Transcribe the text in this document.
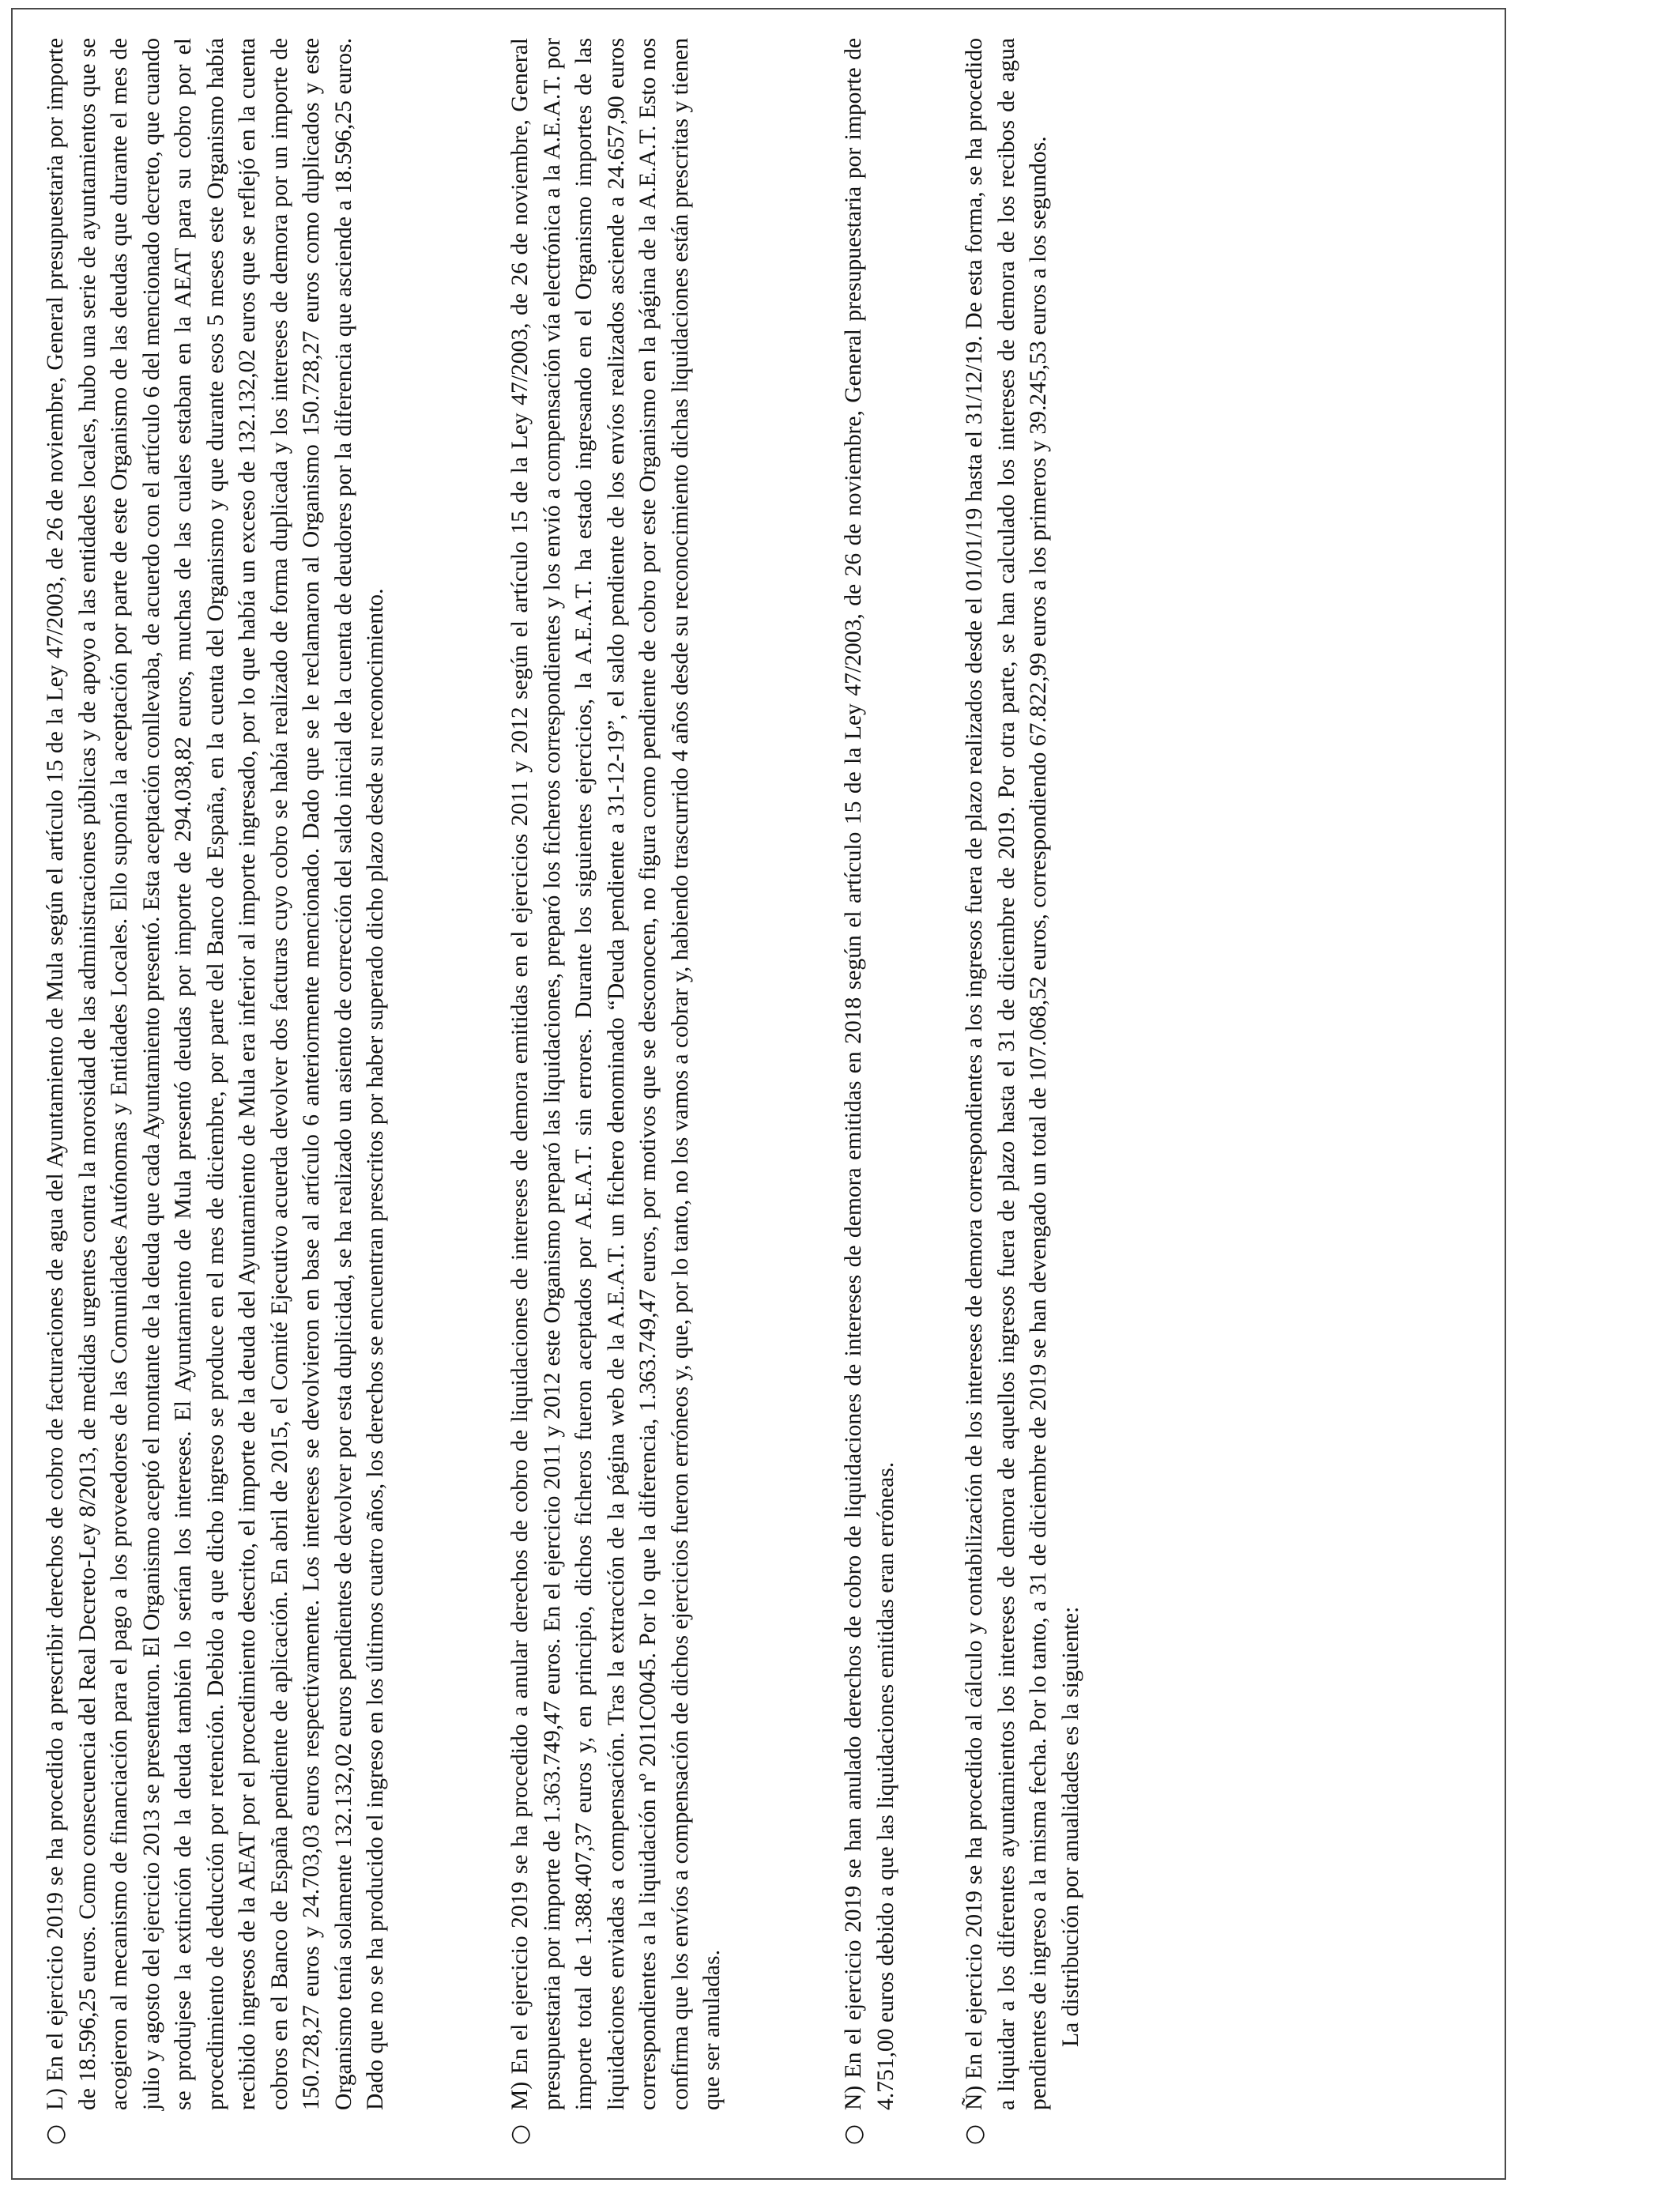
○
L) En el ejercicio 2019 se ha procedido a prescribir derechos de cobro de facturaciones de agua del Ayuntamiento de Mula según el artículo 15 de la Ley 47/2003, de 26 de noviembre, General presupuestaria por importe de 18.596,25 euros. Como consecuencia del Real Decreto-Ley 8/2013, de medidas urgentes contra la morosidad de las administraciones públicas y de apoyo a las entidades locales, hubo una serie de ayuntamientos que se acogieron al mecanismo de financiación para el pago a los proveedores de las Comunidades Autónomas y Entidades Locales. Ello suponía la aceptación por parte de este Organismo de las deudas que durante el mes de julio y agosto del ejercicio 2013 se presentaron. El Organismo aceptó el montante de la deuda que cada Ayuntamiento presentó. Esta aceptación conllevaba, de acuerdo con el artículo 6 del mencionado decreto, que cuando se produjese la extinción de la deuda también lo serían los intereses. El Ayuntamiento de Mula presentó deudas por importe de 294.038,82 euros, muchas de las cuales estaban en la AEAT para su cobro por el procedimiento de deducción por retención. Debido a que dicho ingreso se produce en el mes de diciembre, por parte del Banco de España, en la cuenta del Organismo y que durante esos 5 meses este Organismo había recibido ingresos de la AEAT por el procedimiento descrito, el importe de la deuda del Ayuntamiento de Mula era inferior al importe ingresado, por lo que había un exceso de 132.132,02 euros que se reflejó en la cuenta cobros en el Banco de España pendiente de aplicación. En abril de 2015, el Comité Ejecutivo acuerda devolver dos facturas cuyo cobro se había realizado de forma duplicada y los intereses de demora por un importe de 150.728,27 euros y 24.703,03 euros respectivamente. Los intereses se devolvieron en base al artículo 6 anteriormente mencionado. Dado que se le reclamaron al Organismo 150.728,27 euros como duplicados y este Organismo tenía solamente 132.132,02 euros pendientes de devolver por esta duplicidad, se ha realizado un asiento de corrección del saldo inicial de la cuenta de deudores por la diferencia que asciende a 18.596,25 euros. Dado que no se ha producido el ingreso en los últimos cuatro años, los derechos se encuentran prescritos por haber superado dicho plazo desde su reconocimiento.
○
M) En el ejercicio 2019 se ha procedido a anular derechos de cobro de liquidaciones de intereses de demora emitidas en el ejercicios 2011 y 2012 según el artículo 15 de la Ley 47/2003, de 26 de noviembre, General presupuestaria por importe de 1.363.749,47 euros. En el ejercicio 2011 y 2012 este Organismo preparó las liquidaciones, preparó los ficheros correspondientes y los envió a compensación vía electrónica a la A.E.A.T. por importe total de 1.388.407,37 euros y, en principio, dichos ficheros fueron aceptados por A.E.A.T. sin errores. Durante los siguientes ejercicios, la A.E.A.T. ha estado ingresando en el Organismo importes de las liquidaciones enviadas a compensación. Tras la extracción de la página web de la A.E.A.T. un fichero denominado “Deuda pendiente a 31-12-19”, el saldo pendiente de los envíos realizados asciende a 24.657,90 euros correspondientes a la liquidación nº 2011C0045. Por lo que la diferencia, 1.363.749,47 euros, por motivos que se desconocen, no figura como pendiente de cobro por este Organismo en la página de la A.E.A.T. Esto nos confirma que los envíos a compensación de dichos ejercicios fueron erróneos y, que, por lo tanto, no los vamos a cobrar y, habiendo trascurrido 4 años desde su reconocimiento dichas liquidaciones están prescritas y tienen que ser anuladas.
○
N) En el ejercicio 2019 se han anulado derechos de cobro de liquidaciones de intereses de demora emitidas en 2018 según el artículo 15 de la Ley 47/2003, de 26 de noviembre, General presupuestaria por importe de 4.751,00 euros debido a que las liquidaciones emitidas eran erróneas.
○
Ñ) En el ejercicio 2019 se ha procedido al cálculo y contabilización de los intereses de demora correspondientes a los ingresos fuera de plazo realizados desde el 01/01/19 hasta el 31/12/19. De esta forma, se ha procedido a liquidar a los diferentes ayuntamientos los intereses de demora de aquellos ingresos fuera de plazo hasta el 31 de diciembre de 2019. Por otra parte, se han calculado los intereses de demora de los recibos de agua pendientes de ingreso a la misma fecha. Por lo tanto, a 31 de diciembre de 2019 se han devengado un total de 107.068,52 euros, correspondiendo 67.822,99 euros a los primeros y 39.245,53 euros a los segundos. La distribución por anualidades es la siguiente:
